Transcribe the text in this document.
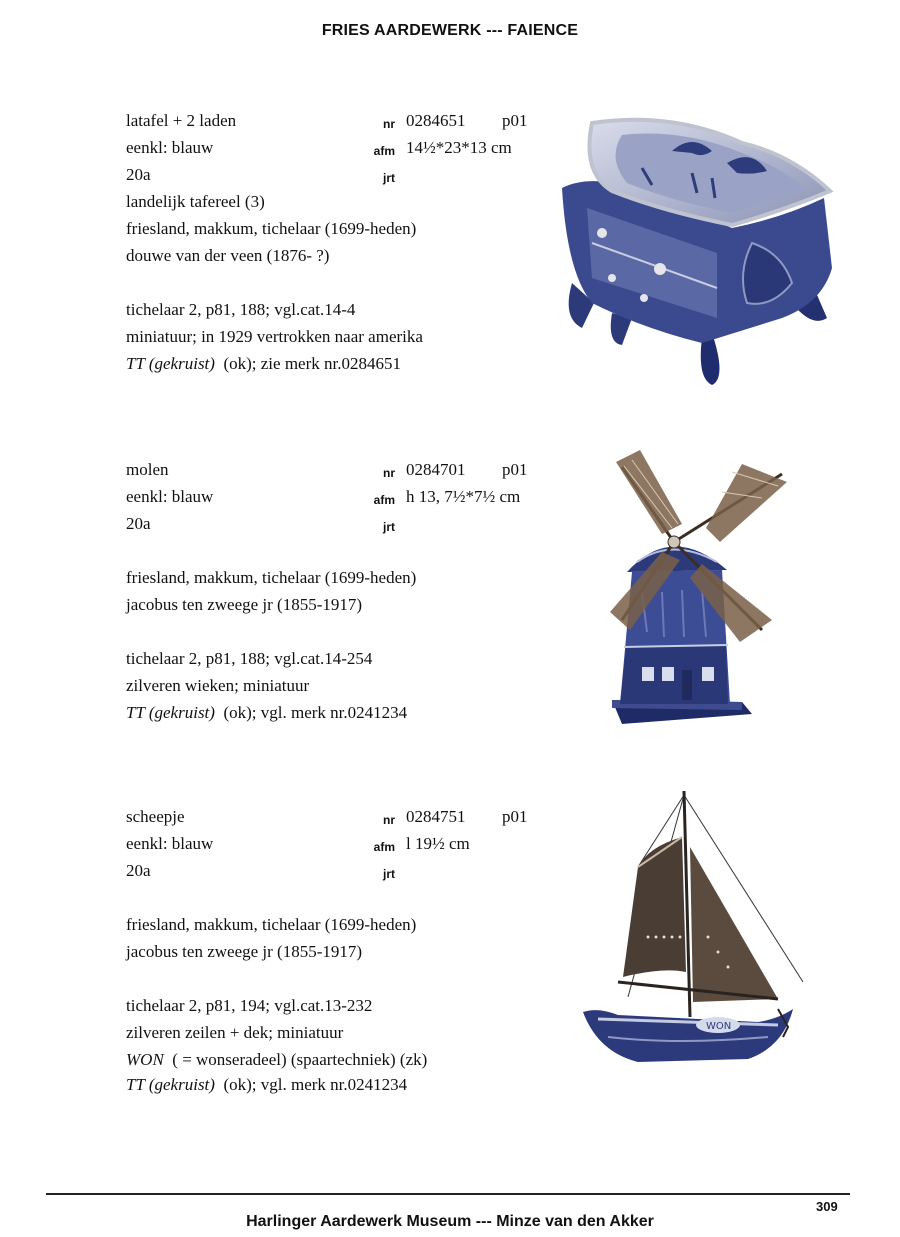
FRIES AARDEWERK --- FAIENCE
latafel + 2 laden	nr 0284651 p01
eenkl: blauw	afm 14½*23*13 cm
20a	jrt
landelijk tafereel (3)
friesland, makkum, tichelaar (1699-heden)
douwe van der veen (1876- ?)
tichelaar 2, p81, 188; vgl.cat.14-4
miniatuur; in 1929 vertrokken naar amerika
TT (gekruist) (ok); zie merk nr.0284651
molen	nr 0284701 p01
eenkl: blauw	afm h 13, 7½*7½ cm
20a	jrt
friesland, makkum, tichelaar (1699-heden)
jacobus ten zweege jr (1855-1917)
tichelaar 2, p81, 188; vgl.cat.14-254
zilveren wieken; miniatuur
TT (gekruist) (ok); vgl. merk nr.0241234
scheepje	nr 0284751 p01
eenkl: blauw	afm l 19½ cm
20a	jrt
friesland, makkum, tichelaar (1699-heden)
jacobus ten zweege jr (1855-1917)
tichelaar 2, p81, 194; vgl.cat.13-232
zilveren zeilen + dek; miniatuur
WON ( = wonseradeel) (spaartechniek) (zk)
TT (gekruist) (ok); vgl. merk nr.0241234
WON
309
Harlinger Aardewerk Museum --- Minze van den Akker
